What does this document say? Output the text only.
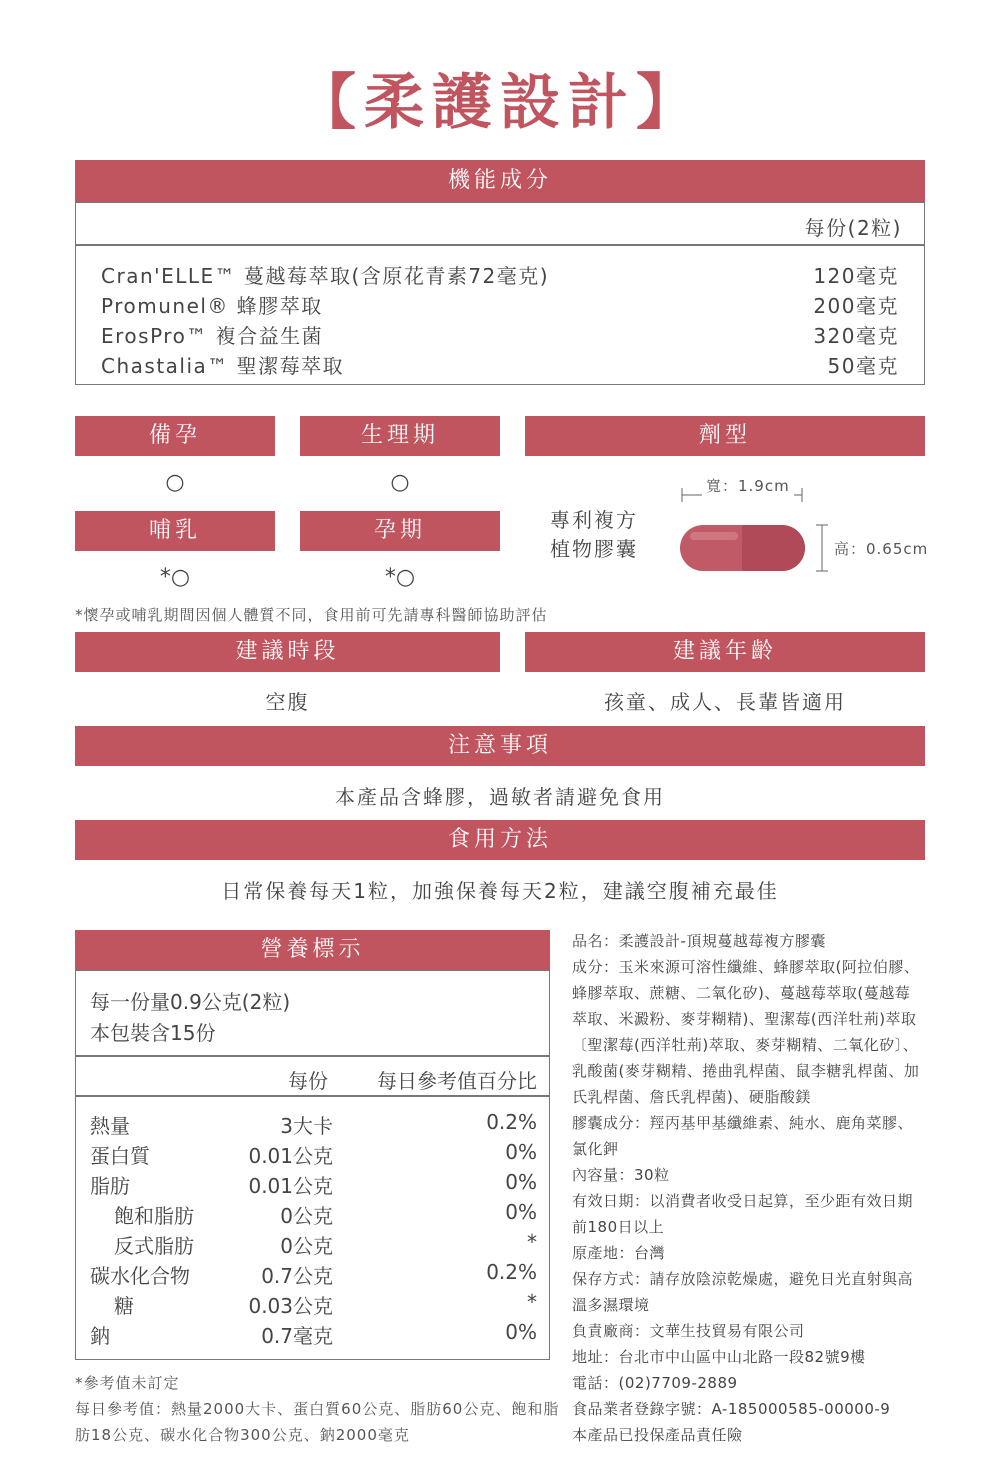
【柔護設計】
機能成分
每份(2粒)
Cran'ELLE™ 蔓越莓萃取(含原花青素72毫克)	120毫克
Promunel® 蜂膠萃取	200毫克
ErosPro™ 複合益生菌	320毫克
Chastalia™ 聖潔莓萃取	50毫克
備孕	生理期
○	○
哺乳	孕期
*○	*○
*懷孕或哺乳期間因個人體質不同，食用前可先請專科醫師協助評估
劑型
專利複方
植物膠囊
寬：1.9cm
高：0.65cm
建議時段	建議年齡
空腹	孩童、成人、長輩皆適用
注意事項
本產品含蜂膠，過敏者請避免食用
食用方法
日常保養每天1粒，加強保養每天2粒，建議空腹補充最佳
營養標示
每一份量0.9公克(2粒)
本包裝含15份
每份 每日參考值百分比
熱量	3大卡	0.2%
蛋白質	0.01公克	0%
脂肪	0.01公克	0%
飽和脂肪	0公克	0%
反式脂肪	0公克	*
碳水化合物	0.7公克	0.2%
糖	0.03公克	*
鈉	0.7毫克	0%
*參考值未訂定
每日參考值：熱量2000大卡、蛋白質60公克、脂肪60公克、飽和脂
肪18公克、碳水化合物300公克、鈉2000毫克
品名：柔護設計-頂規蔓越莓複方膠囊
成分：玉米來源可溶性纖維、蜂膠萃取(阿拉伯膠、
蜂膠萃取、蔗糖、二氧化矽)、蔓越莓萃取(蔓越莓
萃取、米澱粉、麥芽糊精)、聖潔莓(西洋牡荊)萃取
〔聖潔莓(西洋牡荊)萃取、麥芽糊精、二氧化矽〕、
乳酸菌(麥芽糊精、捲曲乳桿菌、鼠李糖乳桿菌、加
氏乳桿菌、詹氏乳桿菌)、硬脂酸鎂
膠囊成分：羥丙基甲基纖維素、純水、鹿角菜膠、
氯化鉀
內容量：30粒
有效日期：以消費者收受日起算，至少距有效日期
前180日以上
原產地：台灣
保存方式：請存放陰涼乾燥處，避免日光直射與高
溫多濕環境
負責廠商：文華生技貿易有限公司
地址：台北市中山區中山北路一段82號9樓
電話：(02)7709-2889
食品業者登錄字號：A-185000585-00000-9
本產品已投保產品責任險
